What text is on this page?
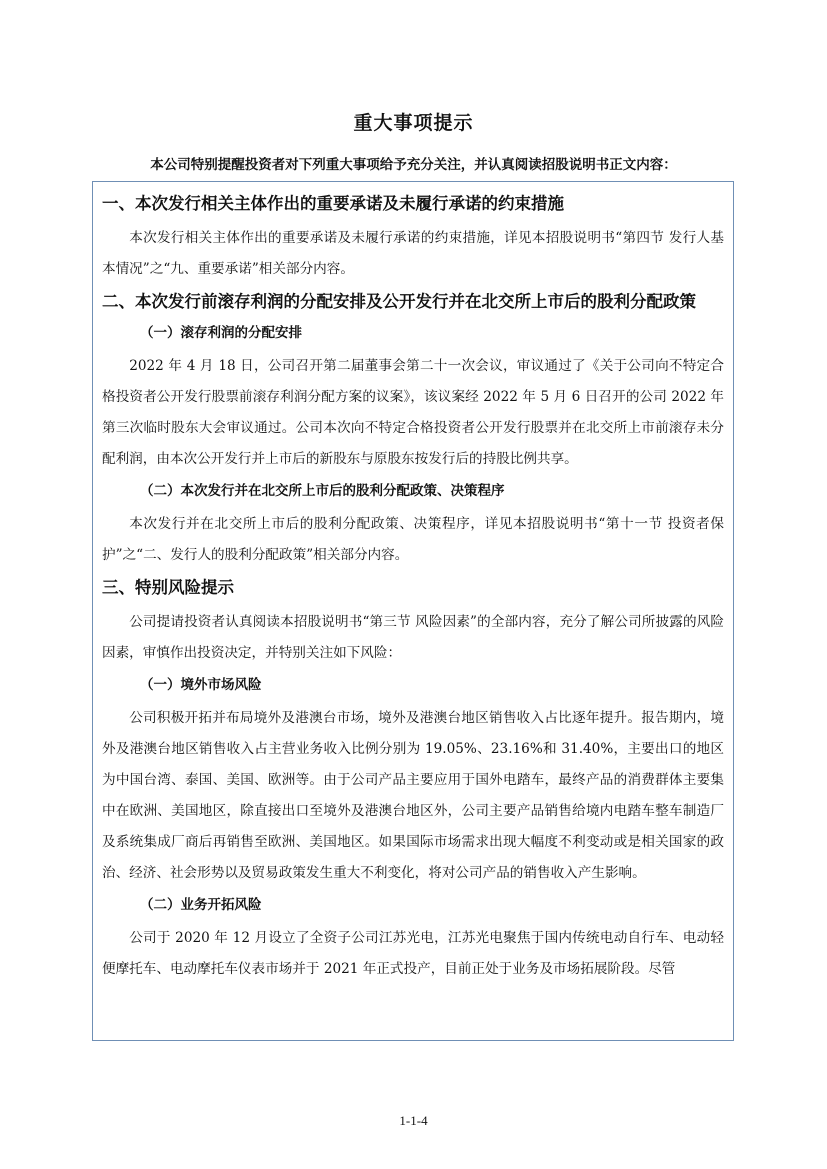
重大事项提示
本公司特别提醒投资者对下列重大事项给予充分关注，并认真阅读招股说明书正文内容：
一、本次发行相关主体作出的重要承诺及未履行承诺的约束措施

本次发行相关主体作出的重要承诺及未履行承诺的约束措施，详见本招股说明书“第四节 发行人基本情况”之“九、重要承诺”相关部分内容。

二、本次发行前滚存利润的分配安排及公开发行并在北交所上市后的股利分配政策
（一）滚存利润的分配安排

2022 年 4 月 18 日，公司召开第二届董事会第二十一次会议，审议通过了《关于公司向不特定合格投资者公开发行股票前滚存利润分配方案的议案》，该议案经 2022 年 5 月 6 日召开的公司 2022 年第三次临时股东大会审议通过。公司本次向不特定合格投资者公开发行股票并在北交所上市前滚存未分配利润，由本次公开发行并上市后的新股东与原股东按发行后的持股比例共享。

（二）本次发行并在北交所上市后的股利分配政策、决策程序

本次发行并在北交所上市后的股利分配政策、决策程序，详见本招股说明书“第十一节 投资者保护”之“二、发行人的股利分配政策”相关部分内容。

三、特别风险提示

公司提请投资者认真阅读本招股说明书“第三节 风险因素”的全部内容，充分了解公司所披露的风险因素，审慎作出投资决定，并特别关注如下风险：

（一）境外市场风险

公司积极开拓并布局境外及港澳台市场，境外及港澳台地区销售收入占比逐年提升。报告期内，境外及港澳台地区销售收入占主营业务收入比例分别为 19.05%、23.16%和 31.40%，主要出口的地区为中国台湾、泰国、美国、欧洲等。由于公司产品主要应用于国外电踏车，最终产品的消费群体主要集中在欧洲、美国地区，除直接出口至境外及港澳台地区外，公司主要产品销售给境内电踏车整车制造厂及系统集成厂商后再销售至欧洲、美国地区。如果国际市场需求出现大幅度不利变动或是相关国家的政治、经济、社会形势以及贸易政策发生重大不利变化，将对公司产品的销售收入产生影响。

（二）业务开拓风险

公司于 2020 年 12 月设立了全资子公司江苏光电，江苏光电聚焦于国内传统电动自行车、电动轻便摩托车、电动摩托车仪表市场并于 2021 年正式投产，目前正处于业务及市场拓展阶段。尽管

1-1-4
